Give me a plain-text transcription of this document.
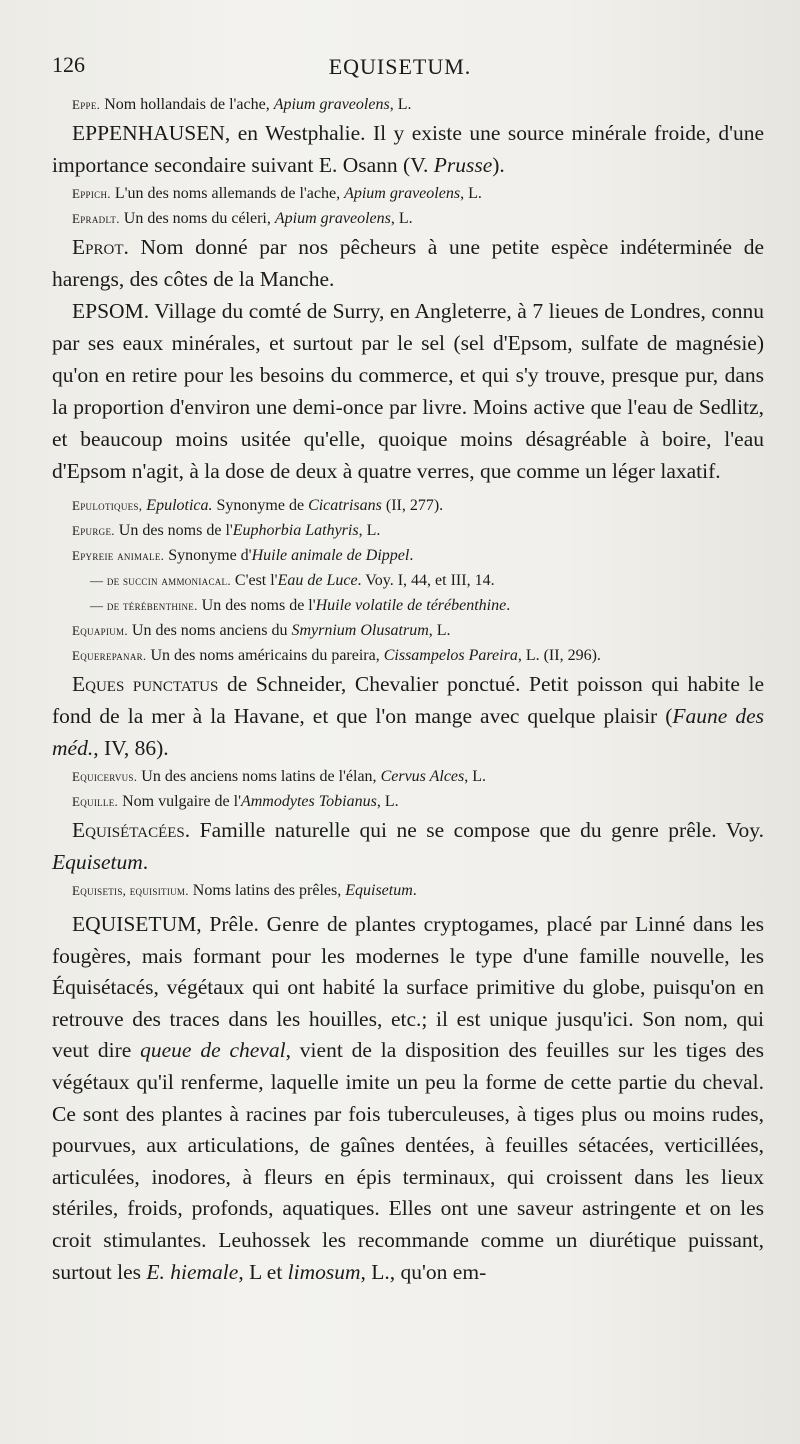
126	EQUISETUM.

Eppe. Nom hollandais de l'ache, Apium graveolens, L.

EPPENHAUSEN, en Westphalie. Il y existe une source minérale froide, d'une importance secondaire suivant E. Osann (V. Prusse).

Eppich. L'un des noms allemands de l'ache, Apium graveolens, L.

Epradlt. Un des noms du céleri, Apium graveolens, L.

Eprot. Nom donné par nos pêcheurs à une petite espèce indéterminée de harengs, des côtes de la Manche.

EPSOM. Village du comté de Surry, en Angleterre, à 7 lieues de Londres, connu par ses eaux minérales, et surtout par le sel (sel d'Epsom, sulfate de magnésie) qu'on en retire pour les besoins du commerce, et qui s'y trouve, presque pur, dans la proportion d'environ une demi-once par livre. Moins active que l'eau de Sedlitz, et beaucoup moins usitée qu'elle, quoique moins désagréable à boire, l'eau d'Epsom n'agit, à la dose de deux à quatre verres, que comme un léger laxatif.

Epulotiques, Epulotica. Synonyme de Cicatrisans (II, 277).

Epurge. Un des noms de l'Euphorbia Lathyris, L.

Epyreie animale. Synonyme d'Huile animale de Dippel.

— de succin ammoniacal. C'est l'Eau de Luce. Voy. I, 44, et III, 14.

— de térébenthine. Un des noms de l'Huile volatile de térébenthine.

Equapium. Un des noms anciens du Smyrnium Olusatrum, L.

Equerepanar. Un des noms américains du pareira, Cissampelos Pareira, L. (II, 296).

Eques punctatus de Schneider, Chevalier ponctué. Petit poisson qui habite le fond de la mer à la Havane, et que l'on mange avec quelque plaisir (Faune des méd., IV, 86).

Equicervus. Un des anciens noms latins de l'élan, Cervus Alces, L.

Equille. Nom vulgaire de l'Ammodytes Tobianus, L.

Equisétacées. Famille naturelle qui ne se compose que du genre prêle. Voy. Equisetum.

Equisetis, equisitium. Noms latins des prêles, Equisetum.

EQUISETUM, Prêle. Genre de plantes cryptogames, placé par Linné dans les fougères, mais formant pour les modernes le type d'une famille nouvelle, les Équisétacés, végétaux qui ont habité la surface primitive du globe, puisqu'on en retrouve des traces dans les houilles, etc.; il est unique jusqu'ici. Son nom, qui veut dire queue de cheval, vient de la disposition des feuilles sur les tiges des végétaux qu'il renferme, laquelle imite un peu la forme de cette partie du cheval. Ce sont des plantes à racines par fois tuberculeuses, à tiges plus ou moins rudes, pourvues, aux articulations, de gaînes dentées, à feuilles sétacées, verticillées, articulées, inodores, à fleurs en épis terminaux, qui croissent dans les lieux stériles, froids, profonds, aquatiques. Elles ont une saveur astringente et on les croit stimulantes. Leuhossek les recommande comme un diurétique puissant, surtout les E. hiemale, L et limosum, L., qu'on em-
